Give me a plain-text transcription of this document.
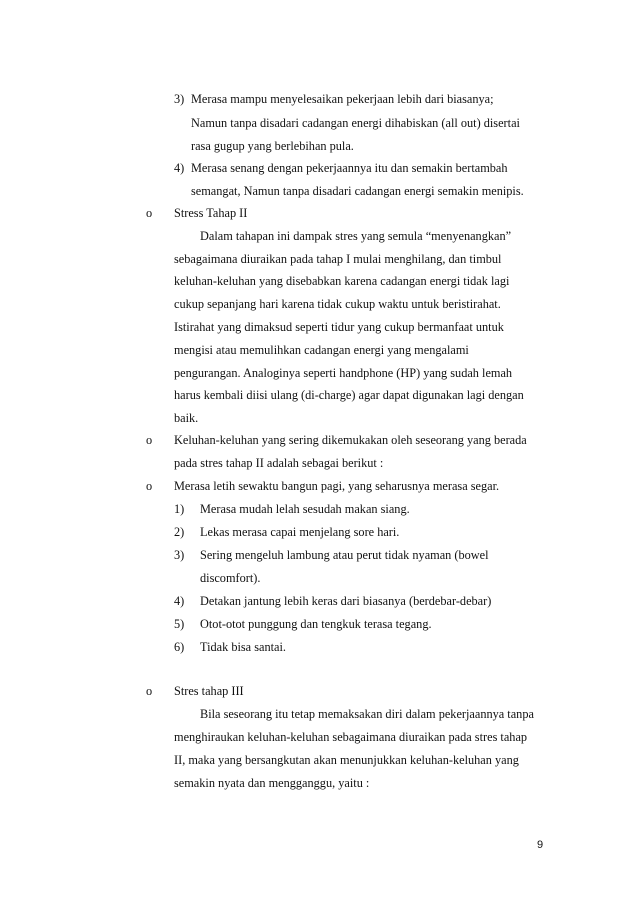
3) Merasa mampu menyelesaikan pekerjaan lebih dari biasanya;
Namun tanpa disadari cadangan energi dihabiskan (all out) disertai
rasa gugup yang berlebihan pula.
4) Merasa senang dengan pekerjaannya itu dan semakin bertambah
semangat, Namun tanpa disadari cadangan energi semakin menipis.
o Stress Tahap II
Dalam tahapan ini dampak stres yang semula “menyenangkan”
sebagaimana diuraikan pada tahap I mulai menghilang, dan timbul
keluhan-keluhan yang disebabkan karena cadangan energi tidak lagi
cukup sepanjang hari karena tidak cukup waktu untuk beristirahat.
Istirahat yang dimaksud seperti tidur yang cukup bermanfaat untuk
mengisi atau memulihkan cadangan energi yang mengalami
pengurangan. Analoginya seperti handphone (HP) yang sudah lemah
harus kembali diisi ulang (di-charge) agar dapat digunakan lagi dengan
baik.
o Keluhan-keluhan yang sering dikemukakan oleh seseorang yang berada
pada stres tahap II adalah sebagai berikut :
o Merasa letih sewaktu bangun pagi, yang seharusnya merasa segar.
1) Merasa mudah lelah sesudah makan siang.
2) Lekas merasa capai menjelang sore hari.
3) Sering mengeluh lambung atau perut tidak nyaman (bowel
discomfort).
4) Detakan jantung lebih keras dari biasanya (berdebar-debar)
5) Otot-otot punggung dan tengkuk terasa tegang.
6) Tidak bisa santai.
o Stres tahap III
Bila seseorang itu tetap memaksakan diri dalam pekerjaannya tanpa
menghiraukan keluhan-keluhan sebagaimana diuraikan pada stres tahap
II, maka yang bersangkutan akan menunjukkan keluhan-keluhan yang
semakin nyata dan mengganggu, yaitu :
9
